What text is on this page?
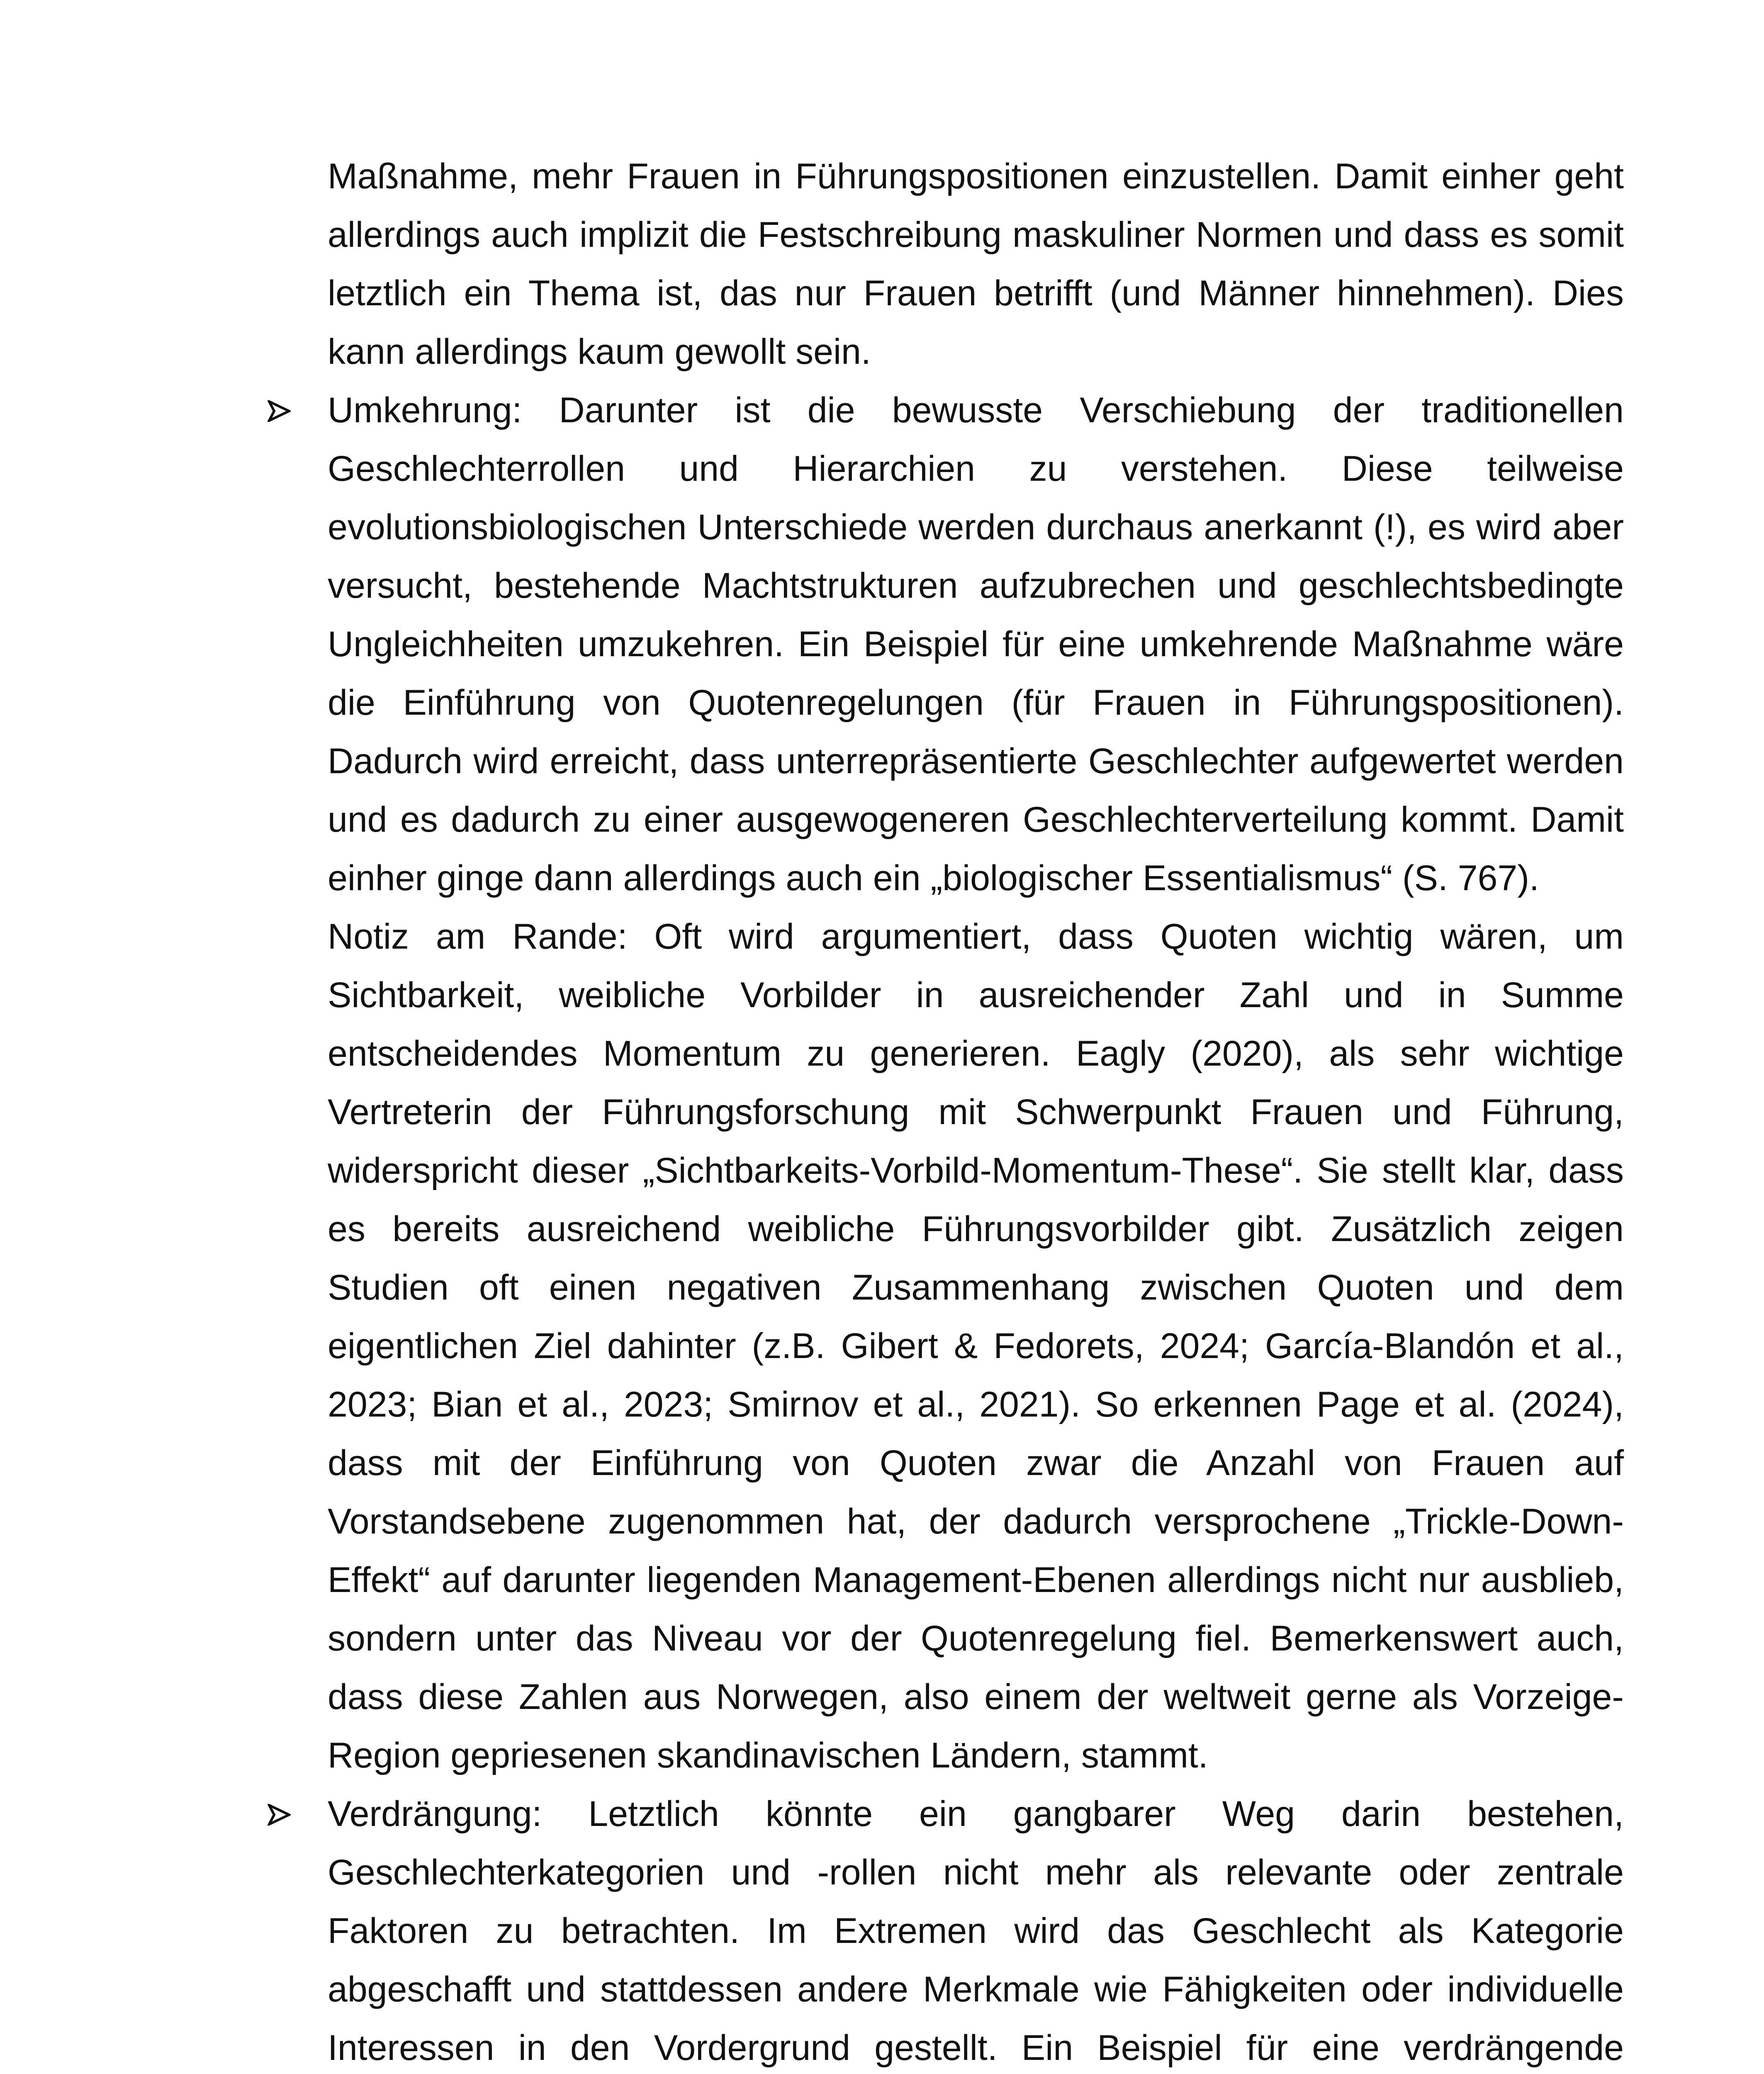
Maßnahme, mehr Frauen in Führungspositionen einzustellen. Damit einher geht allerdings auch implizit die Festschreibung maskuliner Normen und dass es somit letztlich ein Thema ist, das nur Frauen betrifft (und Männer hinnehmen). Dies kann allerdings kaum gewollt sein.

Umkehrung: Darunter ist die bewusste Verschiebung der traditionellen Geschlechterrollen und Hierarchien zu verstehen. Diese teilweise evolutionsbiologischen Unterschiede werden durchaus anerkannt (!), es wird aber versucht, bestehende Machtstrukturen aufzubrechen und geschlechtsbedingte Ungleichheiten umzukehren. Ein Beispiel für eine umkehrende Maßnahme wäre die Einführung von Quotenregelungen (für Frauen in Führungspositionen). Dadurch wird erreicht, dass unterrepräsentierte Geschlechter aufgewertet werden und es dadurch zu einer ausgewogeneren Geschlechterverteilung kommt. Damit einher ginge dann allerdings auch ein „biologischer Essentialismus“ (S. 767).

Notiz am Rande: Oft wird argumentiert, dass Quoten wichtig wären, um Sichtbarkeit, weibliche Vorbilder in ausreichender Zahl und in Summe entscheidendes Momentum zu generieren. Eagly (2020), als sehr wichtige Vertreterin der Führungsforschung mit Schwerpunkt Frauen und Führung, widerspricht dieser „Sichtbarkeits-Vorbild-Momentum-These“. Sie stellt klar, dass es bereits ausreichend weibliche Führungsvorbilder gibt. Zusätzlich zeigen Studien oft einen negativen Zusammenhang zwischen Quoten und dem eigentlichen Ziel dahinter (z.B. Gibert & Fedorets, 2024; García-Blandón et al., 2023; Bian et al., 2023; Smirnov et al., 2021). So erkennen Page et al. (2024), dass mit der Einführung von Quoten zwar die Anzahl von Frauen auf Vorstandsebene zugenommen hat, der dadurch versprochene „Trickle-Down-Effekt“ auf darunter liegenden Management-Ebenen allerdings nicht nur ausblieb, sondern unter das Niveau vor der Quotenregelung fiel. Bemerkenswert auch, dass diese Zahlen aus Norwegen, also einem der weltweit gerne als Vorzeige-Region gepriesenen skandinavischen Ländern, stammt.

Verdrängung: Letztlich könnte ein gangbarer Weg darin bestehen, Geschlechterkategorien und -rollen nicht mehr als relevante oder zentrale Faktoren zu betrachten. Im Extremen wird das Geschlecht als Kategorie abgeschafft und stattdessen andere Merkmale wie Fähigkeiten oder individuelle Interessen in den Vordergrund gestellt. Ein Beispiel für eine verdrängende
